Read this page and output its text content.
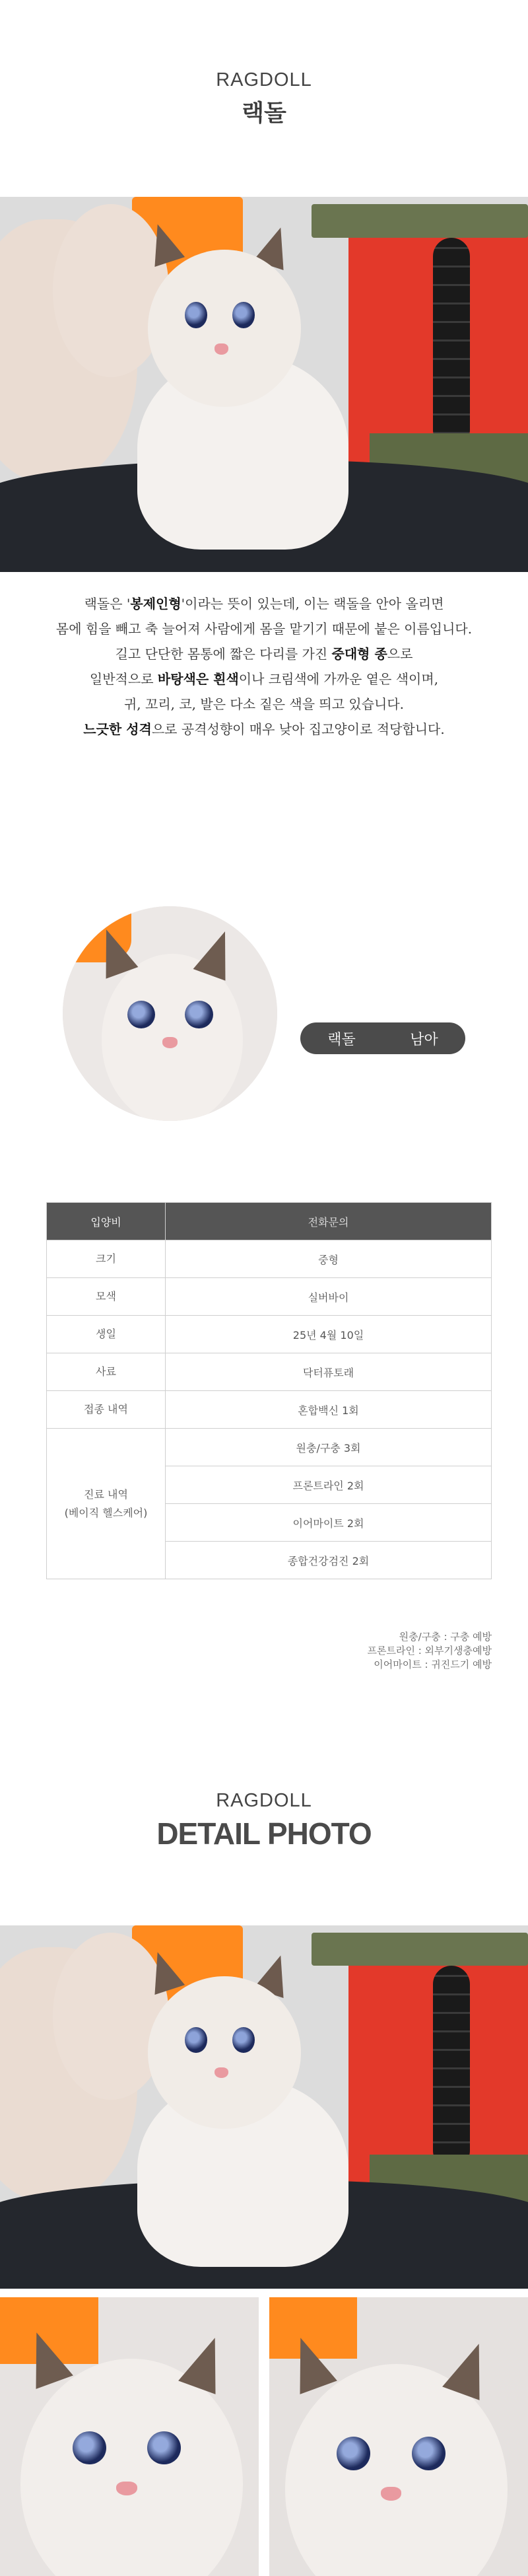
RAGDOLL
랙돌

랙돌은 '봉제인형'이라는 뜻이 있는데, 이는 랙돌을 안아 올리면

몸에 힘을 빼고 축 늘어져 사람에게 몸을 맡기기 때문에 붙은 이름입니다.

길고 단단한 몸통에 짧은 다리를 가진 중대형 종으로

일반적으로 바탕색은 흰색이나 크림색에 가까운 옅은 색이며,

귀, 꼬리, 코, 발은 다소 짙은 색을 띄고 있습니다.

느긋한 성격으로 공격성향이 매우 낮아 집고양이로 적당합니다.

랙돌	남아
입양비	전화문의
크기	중형
모색	실버바이
생일	25년 4월 10일
사료	닥터퓨토래
접종 내역	혼합백신 1회

진료 내역
(베이직 헬스케어)	원충/구충 3회
	프론트라인 2회
	이어마이트 2회
	종합건강검진 2회
원충/구충 : 구충 예방
프론트라인 : 외부기생충예방
이어마이트 : 귀진드기 예방
RAGDOLL
DETAIL PHOTO
